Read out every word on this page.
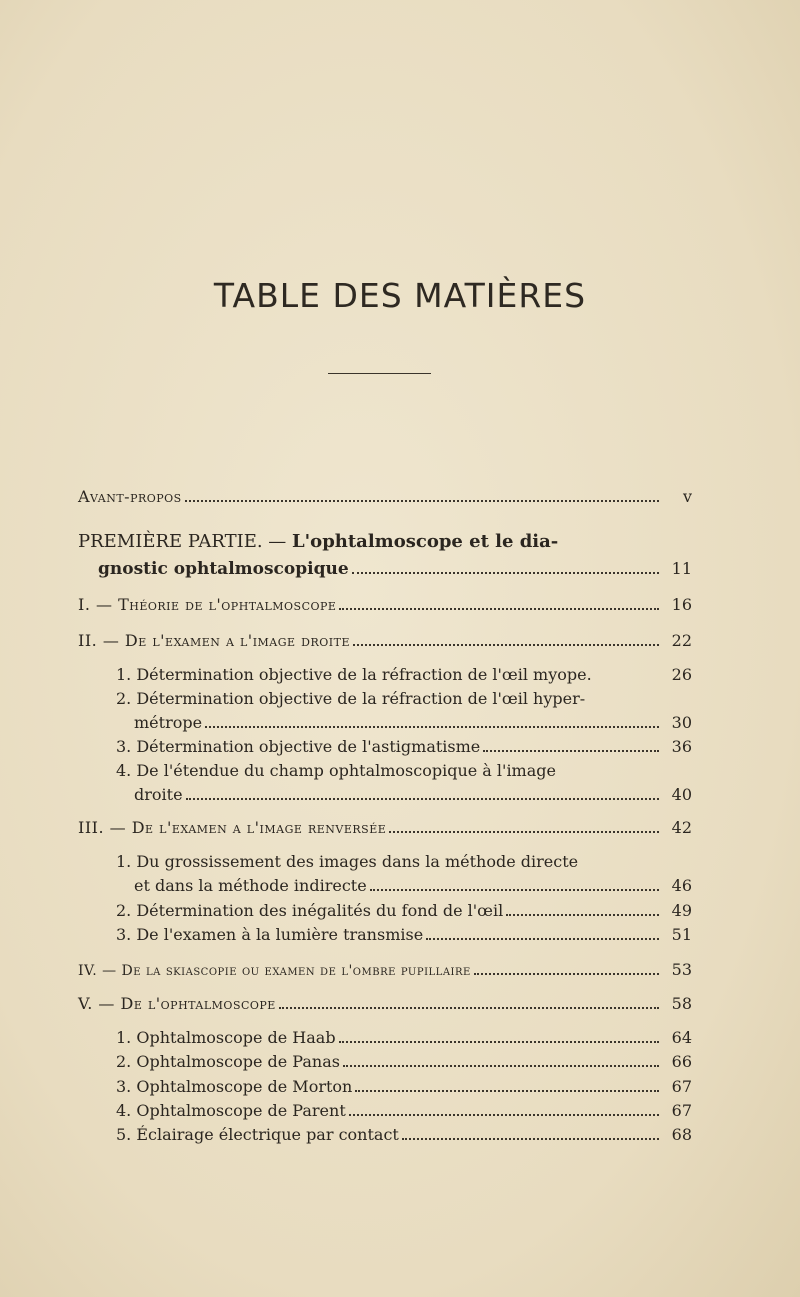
TABLE DES MATIÈRES
Avant-propos	v
PREMIÈRE PARTIE. — L'ophtalmoscope et le dia-
gnostic ophtalmoscopique	11
I. — Théorie de l'ophtalmoscope	16
II. — De l'examen a l'image droite	22
1. Détermination objective de la réfraction de l'œil myope.	26
2. Détermination objective de la réfraction de l'œil hyper-
métrope	30
3. Détermination objective de l'astigmatisme	36
4. De l'étendue du champ ophtalmoscopique à l'image
droite	40
III. — De l'examen a l'image renversée	42
1. Du grossissement des images dans la méthode directe
et dans la méthode indirecte	46
2. Détermination des inégalités du fond de l'œil	49
3. De l'examen à la lumière transmise	51
IV. — De la skiascopie ou examen de l'ombre pupillaire	53
V. — De l'ophtalmoscope	58
1. Ophtalmoscope de Haab	64
2. Ophtalmoscope de Panas	66
3. Ophtalmoscope de Morton	67
4. Ophtalmoscope de Parent	67
5. Éclairage électrique par contact	68
